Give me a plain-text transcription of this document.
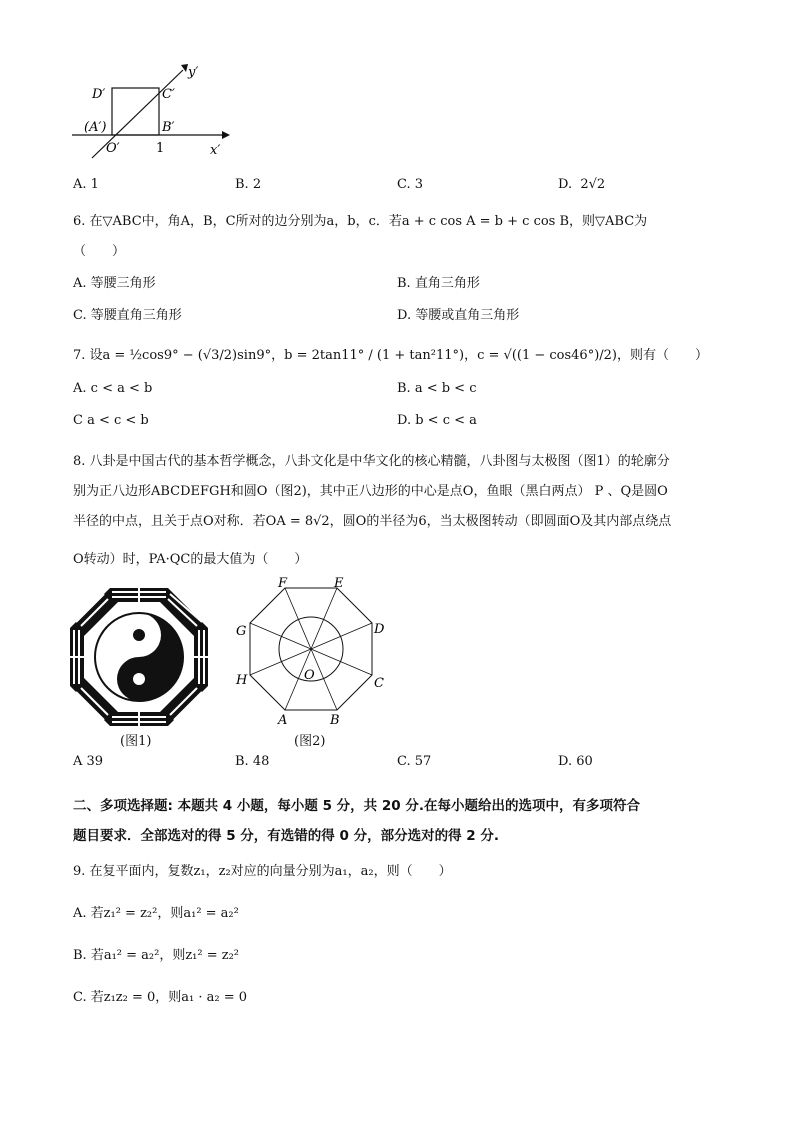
y′
x′
D′	C′
(A′)	B′
O′	1
A. 1	B. 2	C. 3	D. 2√2
6. 在▽ABC中，角A，B，C所对的边分别为a，b，c．若a + c cos A = b + c cos B，则▽ABC为
（　　）
A. 等腰三角形	B. 直角三角形
C. 等腰直角三角形	D. 等腰或直角三角形
7. 设a = ½cos9° − (√3/2)sin9°，b = 2tan11° / (1 + tan²11°)，c = √((1 − cos46°)/2)，则有（　　）
A. c < a < b	B. a < b < c
C a < c < b	D. b < c < a
8. 八卦是中国古代的基本哲学概念，八卦文化是中华文化的核心精髓，八卦图与太极图（图1）的轮廓分
别为正八边形ABCDEFGH和圆O（图2)，其中正八边形的中心是点O，鱼眼（黑白两点） P 、Q是圆O
半径的中点，且关于点O对称．若OA = 8√2，圆O的半径为6，当太极图转动（即圆面O及其内部点绕点
O转动）时，PA·QC的最大值为（　　）
(图1)
A	B
C
D
E
F
G
H	O
(图2)
A 39	B. 48	C. 57	D. 60
二、多项选择题: 本题共 4 小题，每小题 5 分，共 20 分.在每小题给出的选项中，有多项符合
题目要求．全部选对的得 5 分，有选错的得 0 分，部分选对的得 2 分.
9. 在复平面内，复数z₁，z₂对应的向量分别为a₁，a₂，则（　　）
A. 若z₁² = z₂²，则a₁² = a₂²
B. 若a₁² = a₂²，则z₁² = z₂²
C. 若z₁z₂ = 0，则a₁ · a₂ = 0
